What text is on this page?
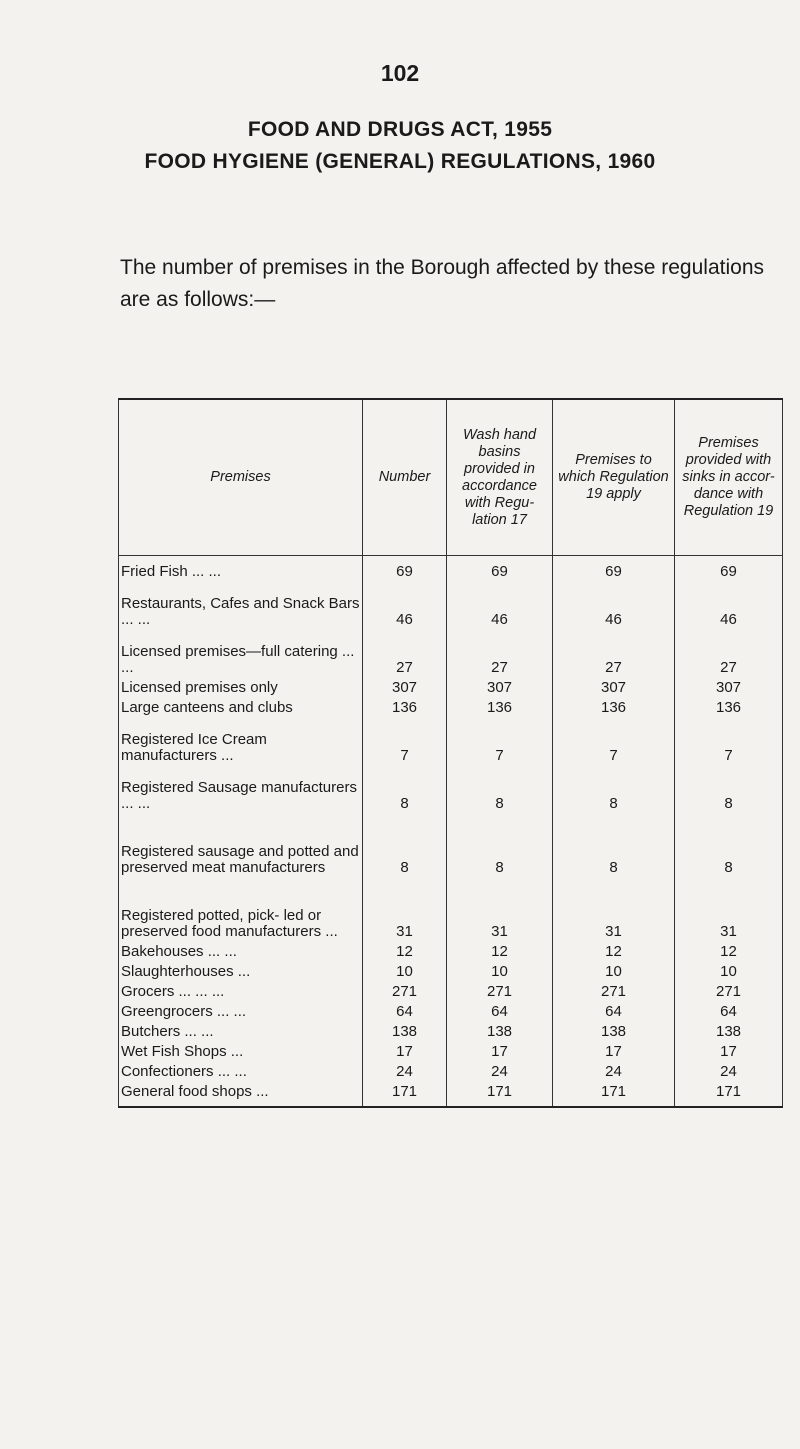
102
FOOD AND DRUGS ACT, 1955
FOOD HYGIENE (GENERAL) REGULATIONS, 1960

The number of premises in the Borough affected by these regulations are as follows:—

Premises	Number	Wash hand basins provided in accordance with Regu- lation 17	Premises to which Regulation 19 apply	Premises provided with sinks in accor- dance with Regulation 19

Fried Fish ... ...	69	69	69	69
Restaurants, Cafes and Snack Bars ... ...	46	46	46	46
Licensed premises—full catering ... ...	27	27	27	27
Licensed premises only	307	307	307	307
Large canteens and clubs	136	136	136	136
Registered Ice Cream manufacturers ...	7	7	7	7
Registered Sausage manufacturers ... ...	8	8	8	8
Registered sausage and potted and preserved meat manufacturers	8	8	8	8
Registered potted, pick- led or preserved food manufacturers ...	31	31	31	31
Bakehouses ... ...	12	12	12	12
Slaughterhouses ...	10	10	10	10
Grocers ... ... ...	271	271	271	271
Greengrocers ... ...	64	64	64	64
Butchers ... ...	138	138	138	138
Wet Fish Shops ...	17	17	17	17
Confectioners ... ...	24	24	24	24
General food shops ...	171	171	171	171
